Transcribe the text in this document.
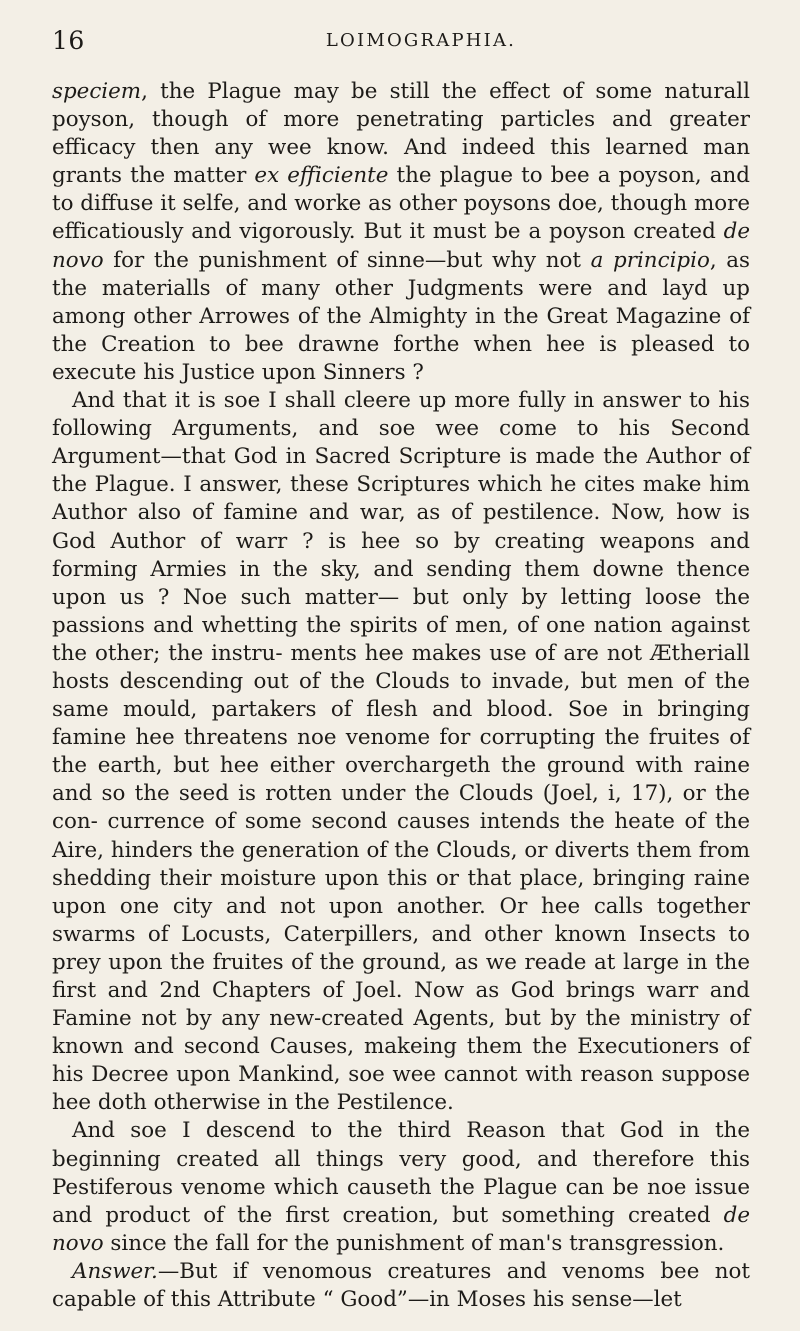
16	LOIMOGRAPHIA.

speciem, the Plague may be still the effect of some naturall poyson, though of more penetrating particles and greater efficacy then any wee know. And indeed this learned man grants the matter ex efficiente the plague to bee a poyson, and to diffuse it selfe, and worke as other poysons doe, though more efficatiously and vigorously. But it must be a poyson created de novo for the punishment of sinne—but why not a principio, as the materialls of many other Judgments were and layd up among other Arrowes of the Almighty in the Great Magazine of the Creation to bee drawne forthe when hee is pleased to execute his Justice upon Sinners ?

And that it is soe I shall cleere up more fully in answer to his following Arguments, and soe wee come to his Second Argument—that God in Sacred Scripture is made the Author of the Plague. I answer, these Scriptures which he cites make him Author also of famine and war, as of pestilence. Now, how is God Author of warr ? is hee so by creating weapons and forming Armies in the sky, and sending them downe thence upon us ? Noe such matter— but only by letting loose the passions and whetting the spirits of men, of one nation against the other; the instru- ments hee makes use of are not Ætheriall hosts descending out of the Clouds to invade, but men of the same mould, partakers of flesh and blood. Soe in bringing famine hee threatens noe venome for corrupting the fruites of the earth, but hee either overchargeth the ground with raine and so the seed is rotten under the Clouds (Joel, i, 17), or the con- currence of some second causes intends the heate of the Aire, hinders the generation of the Clouds, or diverts them from shedding their moisture upon this or that place, bringing raine upon one city and not upon another. Or hee calls together swarms of Locusts, Caterpillers, and other known Insects to prey upon the fruites of the ground, as we reade at large in the first and 2nd Chapters of Joel. Now as God brings warr and Famine not by any new-created Agents, but by the ministry of known and second Causes, makeing them the Executioners of his Decree upon Mankind, soe wee cannot with reason suppose hee doth otherwise in the Pestilence.

And soe I descend to the third Reason that God in the beginning created all things very good, and therefore this Pestiferous venome which causeth the Plague can be noe issue and product of the first creation, but something created de novo since the fall for the punishment of man's transgression.

Answer.—But if venomous creatures and venoms bee not capable of this Attribute “ Good”—in Moses his sense—let
